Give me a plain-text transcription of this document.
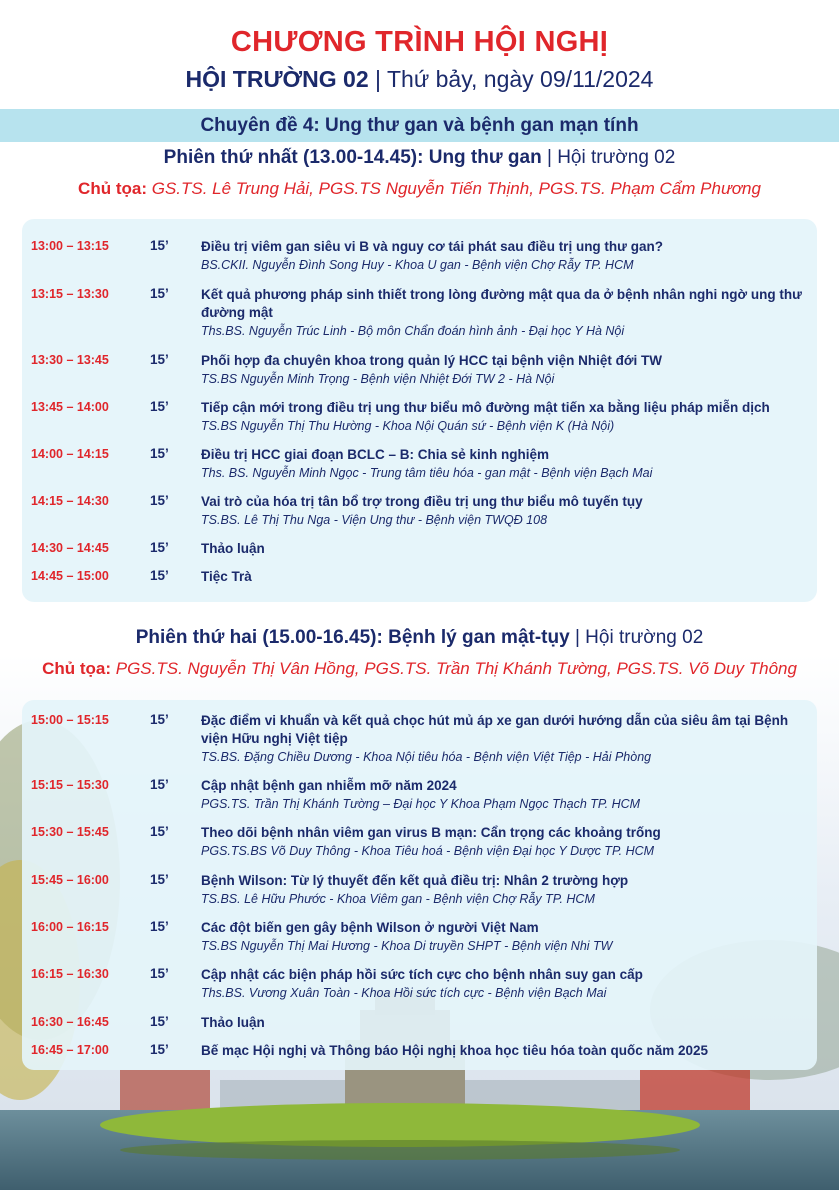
CHƯƠNG TRÌNH HỘI NGHỊ
HỘI TRƯỜNG 02 | Thứ bảy, ngày 09/11/2024
Chuyên đề 4: Ung thư gan và bệnh gan mạn tính
Phiên thứ nhất (13.00-14.45): Ung thư gan | Hội trường 02
Chủ tọa: GS.TS. Lê Trung Hải, PGS.TS Nguyễn Tiến Thịnh, PGS.TS. Phạm Cẩm Phương
Phiên thứ hai (15.00-16.45): Bệnh lý gan mật-tụy | Hội trường 02
Chủ tọa: PGS.TS. Nguyễn Thị Vân Hồng, PGS.TS. Trần Thị Khánh Tường, PGS.TS. Võ Duy Thông
13:00 – 13:15	15’ Điều trị viêm gan siêu vi B và nguy cơ tái phát sau điều trị ung thư gan?
BS.CKII. Nguyễn Đình Song Huy - Khoa U gan - Bệnh viện Chợ Rẫy TP. HCM
13:15 – 13:30	15’ Kết quả phương pháp sinh thiết trong lòng đường mật qua da ở bệnh nhân nghi ngờ ung thư đường mật
Ths.BS. Nguyễn Trúc Linh - Bộ môn Chẩn đoán hình ảnh - Đại học Y Hà Nội
13:30 – 13:45	15’ Phối hợp đa chuyên khoa trong quản lý HCC tại bệnh viện Nhiệt đới TW
TS.BS Nguyễn Minh Trọng - Bệnh viện Nhiệt Đới TW 2 - Hà Nội
13:45 – 14:00	15’ Tiếp cận mới trong điều trị ung thư biểu mô đường mật tiến xa bằng liệu pháp miễn dịch
TS.BS Nguyễn Thị Thu Hường - Khoa Nội Quán sứ - Bệnh viện K (Hà Nội)
14:00 – 14:15	15’ Điều trị HCC giai đoạn BCLC – B: Chia sẻ kinh nghiệm
Ths. BS. Nguyễn Minh Ngọc - Trung tâm tiêu hóa - gan mật - Bệnh viện Bạch Mai
14:15 – 14:30	15’ Vai trò của hóa trị tân bổ trợ trong điều trị ung thư biểu mô tuyến tụy
TS.BS. Lê Thị Thu Nga - Viện Ung thư - Bệnh viện TWQĐ 108
14:30 – 14:45	15’ Thảo luận
14:45 – 15:00	15’ Tiệc Trà
15:00 – 15:15	15’ Đặc điểm vi khuẩn và kết quả chọc hút mủ áp xe gan dưới hướng dẫn của siêu âm tại Bệnh viện Hữu nghị Việt tiệp
TS.BS. Đặng Chiều Dương - Khoa Nội tiêu hóa - Bệnh viện Việt Tiệp - Hải Phòng
15:15 – 15:30	15’ Cập nhật bệnh gan nhiễm mỡ năm 2024
PGS.TS. Trần Thị Khánh Tường – Đại học Y Khoa Phạm Ngọc Thạch TP. HCM
15:30 – 15:45	15’ Theo dõi bệnh nhân viêm gan virus B mạn: Cẩn trọng các khoảng trống
PGS.TS.BS Võ Duy Thông - Khoa Tiêu hoá - Bệnh viện Đại học Y Dược TP. HCM
15:45 – 16:00	15’ Bệnh Wilson: Từ lý thuyết đến kết quả điều trị: Nhân 2 trường hợp
TS.BS. Lê Hữu Phước - Khoa Viêm gan - Bệnh viện Chợ Rẫy TP. HCM
16:00 – 16:15	15’ Các đột biến gen gây bệnh Wilson ở người Việt Nam
TS.BS Nguyễn Thị Mai Hương - Khoa Di truyền SHPT - Bệnh viện Nhi TW
16:15 – 16:30	15’ Cập nhật các biện pháp hồi sức tích cực cho bệnh nhân suy gan cấp
Ths.BS. Vương Xuân Toàn - Khoa Hồi sức tích cực - Bệnh viện Bạch Mai
16:30 – 16:45	15’ Thảo luận
16:45 – 17:00	15’ Bế mạc Hội nghị và Thông báo Hội nghị khoa học tiêu hóa toàn quốc năm 2025
